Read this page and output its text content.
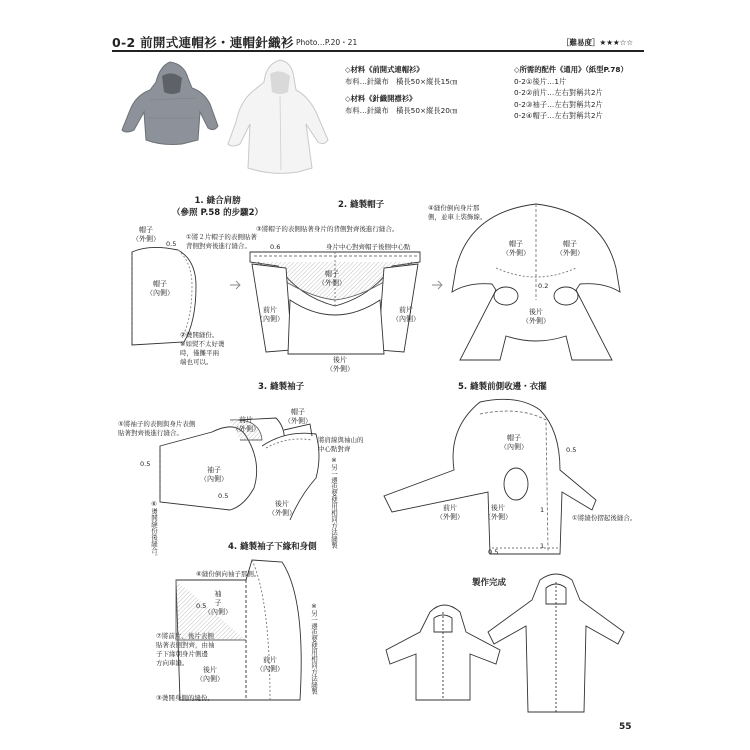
0-2 前開式連帽衫・連帽針織衫 Photo…P.20・21	［難易度］★★★☆☆
◇材料《前開式連帽衫》
布料…針織布　橫長50×縱長15㎝
◇材料《針織開襟衫》
布料…針織布　橫長50×縱長20㎝
◇所需的配件《通用》（紙型P.78）
0-2①後片…1片
0-2②前片…左右對稱共2片
0-2③袖子…左右對稱共2片
0-2④帽子…左右對稱共2片
1. 縫合肩膀
（參照 P.58 的步驟2）
帽子
（外側）
0.5
①將２片帽子的表側貼著
背側對齊後進行縫合。
帽子
（內側）
②燙開縫份。
※如熨不太好燙
時，僅攤平兩
端也可以。
2. 縫製帽子
③將帽子的表側貼著身片的背側對齊後進行縫合。
0.6	身片中心對齊帽子後側中心點
帽子
（外側）
前片
（內側）
前片
（內側）
後片
（外側）
④縫份倒向身片那
側，並車上裝飾線。
帽子
（外側）
帽子
（外側）
0.2
後片
（外側）
3. 縫製袖子
⑤將袖子的表側與身片表側
貼著對齊後進行縫合。
前片
（外側）
帽子
（外側）
0.5
袖子
（內側）
0.5
後片
（外側）
將肩線與袖山的
中心點對齊
※另一邊也要使用相同方法縫製
⑥燙開縫份後縫合。	4. 縫製袖子下緣和身側
⑥縫份倒向袖子那側。
袖
子
（內側）
0.5
⑦將前片、後片表側
貼著表側對齊，由袖
子下緣朝身片側邊
方向車縫。
後片
（內側）
前片
（內側）
③燙開身側的縫份。
※另一邊也要使用相同方法縫製
5. 縫製前側收邊・衣擺
帽子
（內側）	0.5
前片
（外側）
後片
（外側）
1
0.5
1
①將縫份摺起後縫合。
製作完成
55
